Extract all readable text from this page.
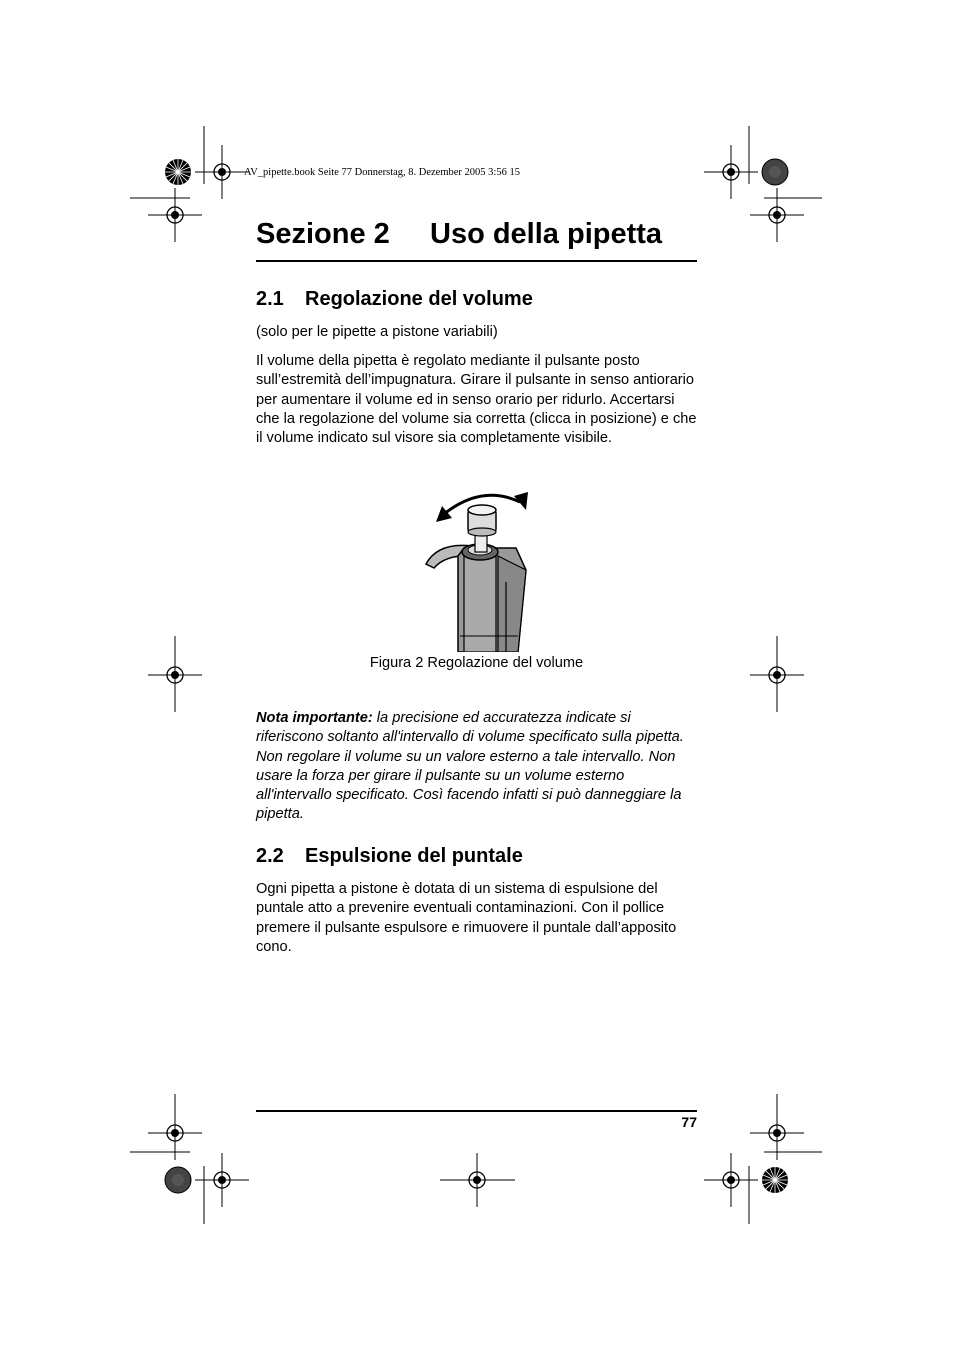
AV_pipette.book Seite 77 Donnerstag, 8. Dezember 2005 3:56 15
Sezione 2 Uso della pipetta
2.1 Regolazione del volume

(solo per le pipette a pistone variabili)

Il volume della pipetta è regolato mediante il pulsante posto sull’estremità dell’impugnatura. Girare il pulsante in senso antiorario per aumentare il volume ed in senso orario per ridurlo. Accertarsi che la regolazione del volume sia corretta (clicca in posizione) e che il volume indicato sul visore sia completamente visibile.

Figura 2 Regolazione del volume

Nota importante: la precisione ed accuratezza indicate si riferiscono soltanto all'intervallo di volume specificato sulla pipetta. Non regolare il volume su un valore esterno a tale intervallo. Non usare la forza per girare il pulsante su un volume esterno all'intervallo specificato. Così facendo infatti si può danneggiare la pipetta.

2.2 Espulsione del puntale

Ogni pipetta a pistone è dotata di un sistema di espulsione del puntale atto a prevenire eventuali contaminazioni. Con il pollice premere il pulsante espulsore e rimuovere il puntale dall’apposito cono.

77
